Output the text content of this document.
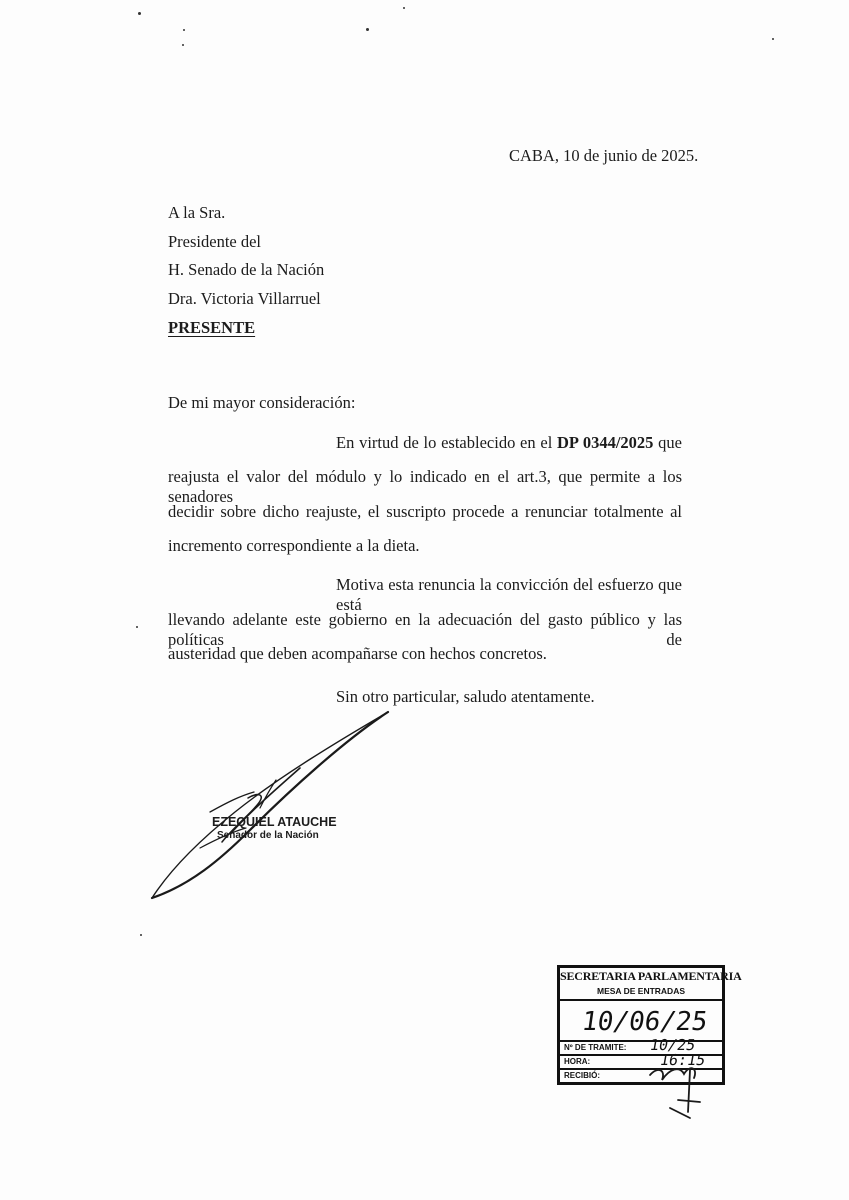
CABA, 10 de junio de 2025.
A la Sra.
Presidente del
H. Senado de la Nación
Dra. Victoria Villarruel
PRESENTE
De mi mayor consideración:
En virtud de lo establecido en el DP 0344/2025 que
reajusta el valor del módulo y lo indicado en el art.3, que permite a los senadores
decidir sobre dicho reajuste, el suscripto procede a renunciar totalmente al
incremento correspondiente a la dieta.
Motiva esta renuncia la convicción del esfuerzo que está
llevando adelante este gobierno en la adecuación del gasto público y las políticas de
austeridad que deben acompañarse con hechos concretos.
Sin otro particular, saludo atentamente.
EZEQUIEL ATAUCHE
Senador de la Nación
SECRETARIA PARLAMENTARIA
MESA DE ENTRADAS
10/06/25
Nº DE TRAMITE: 10/25
HORA:	16:15
RECIBIÓ:
